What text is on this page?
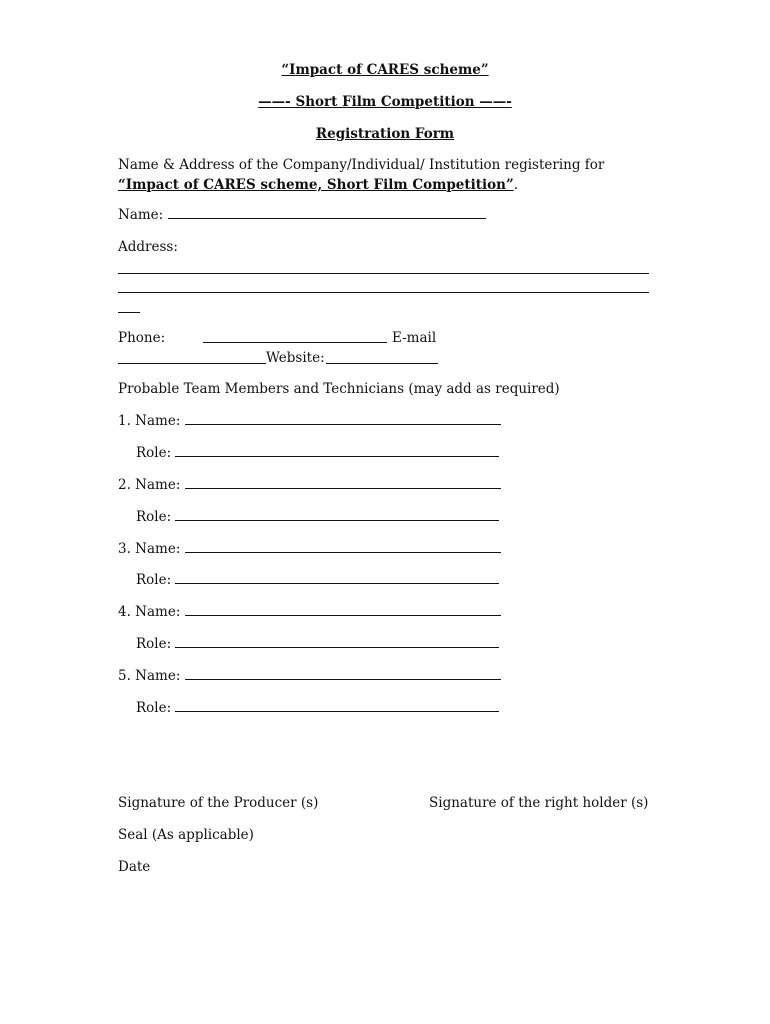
“Impact of CARES scheme”
——- Short Film Competition ——-
Registration Form
Name & Address of the Company/Individual/ Institution registering for
“Impact of CARES scheme, Short Film Competition”.
Name:
Address:
Phone:	E-mail
Website:
Probable Team Members and Technicians (may add as required)
1. Name:
Role:
2. Name:
Role:
3. Name:
Role:
4. Name:
Role:
5. Name:
Role:
Signature of the Producer (s)	Signature of the right holder (s)
Seal (As applicable)
Date
